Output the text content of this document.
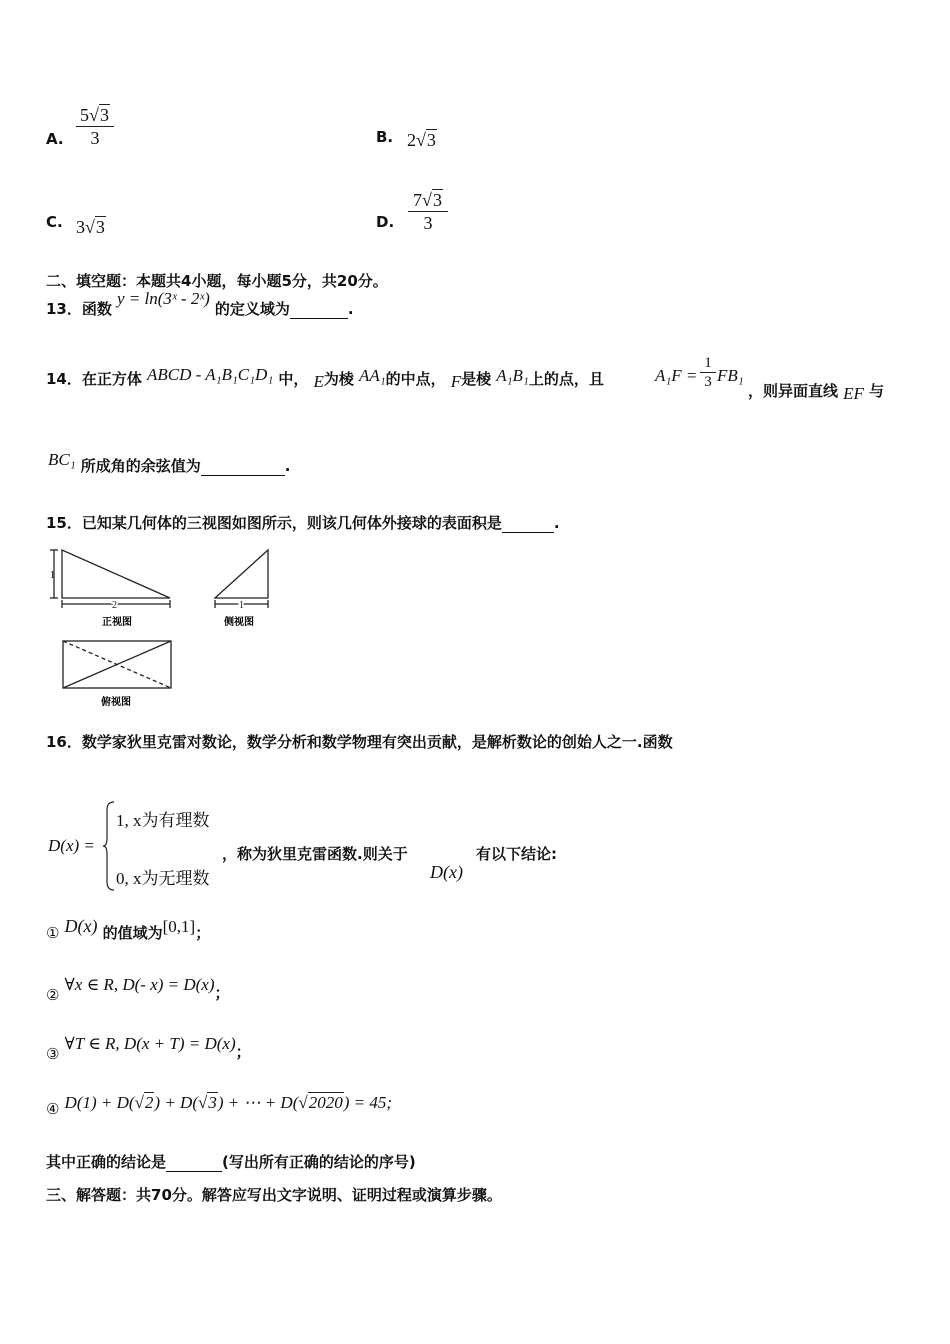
A. $\frac{5√3}{3}$	B. 2√3
C. 3√3	D. $\frac{7√3}{3}$
二、填空题：本题共4小题，每小题5分，共20分。
13．函数 y = ln(3ˣ - 2ˣ) 的定义域为	.
14．在正方体 ABCD - A₁B₁C₁D₁ 中， E为棱 AA₁的中点， F是棱 A₁B₁上的点，且	$A_1F = \frac{1}{3} FB_1$
，则异面直线 EF 与
BC₁ 所成角的余弦值为	.
15．已知某几何体的三视图如图所示，则该几何体外接球的表面积是	.
1
2
正视图
1
侧视图
俯视图
16．数学家狄里克雷对数论，数学分析和数学物理有突出贡献，是解析数论的创始人之一.函数
D(x) =
1, x为有理数
0, x为无理数
，称为狄里克雷函数.则关于
D(x)
有以下结论:
① D(x) 的值域为[0,1]；
② ∀x ∈ R, D(- x) = D(x)；
③ ∀T ∈ R, D(x + T) = D(x)；
④ D(1) + D(√2) + D(√3) + ⋯ + D(√2020) = 45;
其中正确的结论是	(写出所有正确的结论的序号)
三、解答题：共70分。解答应写出文字说明、证明过程或演算步骤。
